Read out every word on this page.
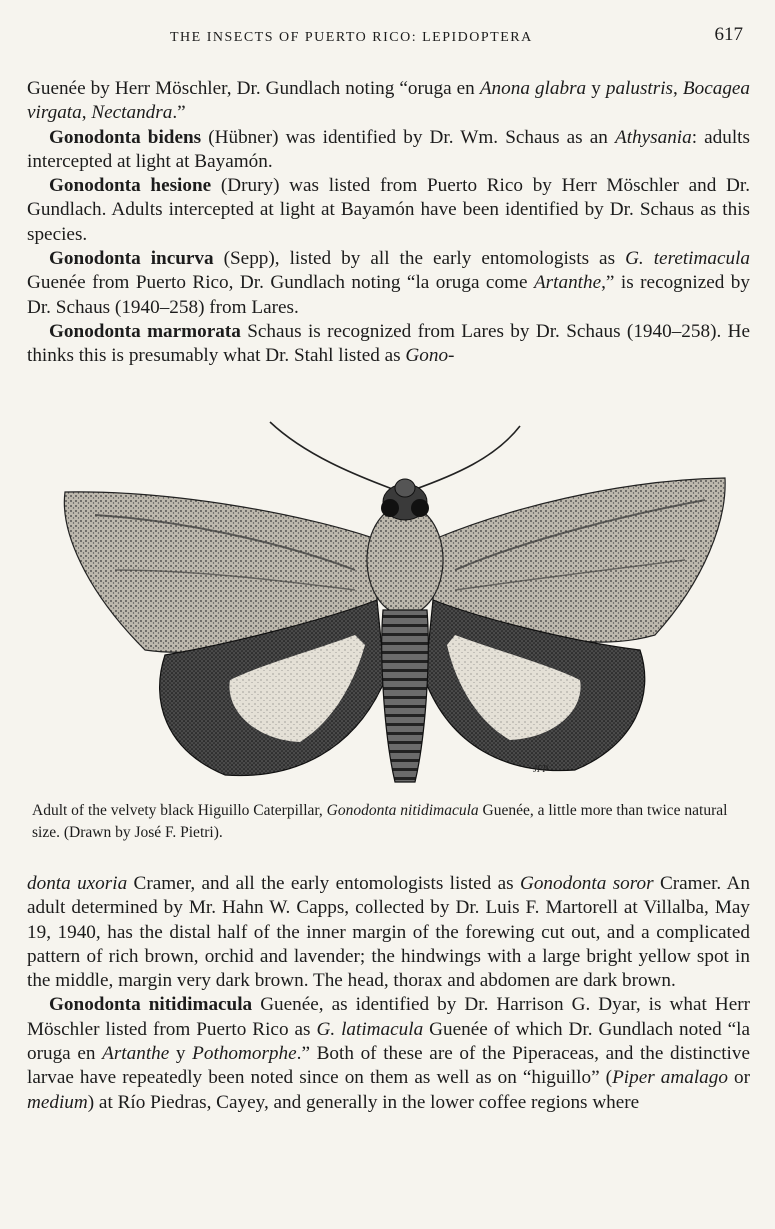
THE INSECTS OF PUERTO RICO: LEPIDOPTERA	617

Guenée by Herr Möschler, Dr. Gundlach noting “oruga en Anona glabra y palustris, Bocagea virgata, Nectandra.”

Gonodonta bidens (Hübner) was identified by Dr. Wm. Schaus as an Athysania: adults intercepted at light at Bayamón.

Gonodonta hesione (Drury) was listed from Puerto Rico by Herr Möschler and Dr. Gundlach. Adults intercepted at light at Bayamón have been identified by Dr. Schaus as this species.

Gonodonta incurva (Sepp), listed by all the early entomologists as G. teretimacula Guenée from Puerto Rico, Dr. Gundlach noting “la oruga come Artanthe,” is recognized by Dr. Schaus (1940–258) from Lares.

Gonodonta marmorata Schaus is recognized from Lares by Dr. Schaus (1940–258). He thinks this is presumably what Dr. Stahl listed as Gono-

JFP
Adult of the velvety black Higuillo Caterpillar, Gonodonta nitidimacula Guenée, a little more than twice natural size. (Drawn by José F. Pietri).

donta uxoria Cramer, and all the early entomologists listed as Gonodonta soror Cramer. An adult determined by Mr. Hahn W. Capps, collected by Dr. Luis F. Martorell at Villalba, May 19, 1940, has the distal half of the inner margin of the forewing cut out, and a complicated pattern of rich brown, orchid and lavender; the hindwings with a large bright yellow spot in the middle, margin very dark brown. The head, thorax and abdomen are dark brown.

Gonodonta nitidimacula Guenée, as identified by Dr. Harrison G. Dyar, is what Herr Möschler listed from Puerto Rico as G. latimacula Guenée of which Dr. Gundlach noted “la oruga en Artanthe y Pothomorphe.” Both of these are of the Piperaceas, and the distinctive larvae have repeatedly been noted since on them as well as on “higuillo” (Piper amalago or medium) at Río Piedras, Cayey, and generally in the lower coffee regions where
